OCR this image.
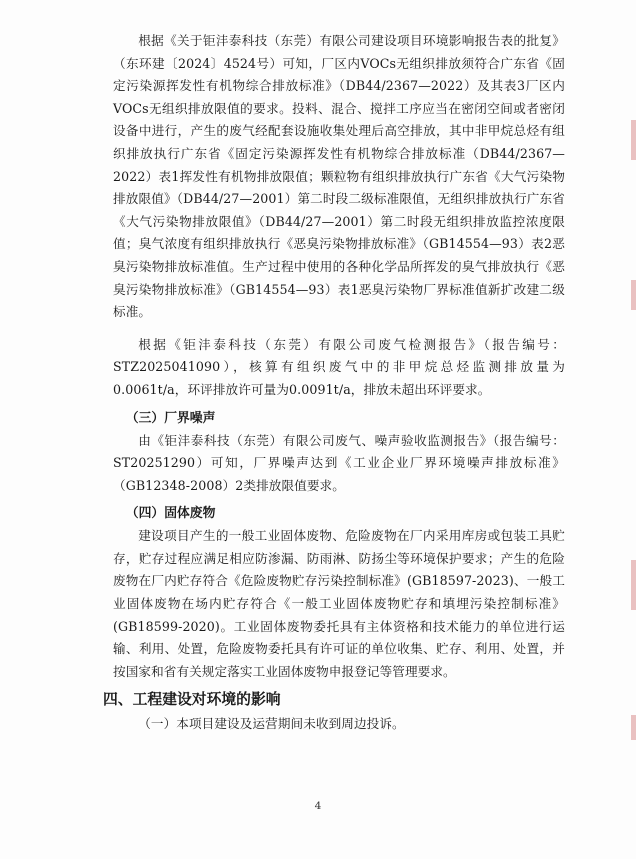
根据《关于钜沣泰科技（东莞）有限公司建设项目环境影响报告表的批复》（东环建〔2024〕4524号）可知，厂区内VOCs无组织排放须符合广东省《固定污染源挥发性有机物综合排放标准》（DB44/2367—2022）及其表3厂区内VOCs无组织排放限值的要求。投料、混合、搅拌工序应当在密闭空间或者密闭设备中进行，产生的废气经配套设施收集处理后高空排放，其中非甲烷总烃有组织排放执行广东省《固定污染源挥发性有机物综合排放标准（DB44/2367—2022）表1挥发性有机物排放限值；颗粒物有组织排放执行广东省《大气污染物排放限值》（DB44/27—2001）第二时段二级标准限值，无组织排放执行广东省《大气污染物排放限值》（DB44/27—2001）第二时段无组织排放监控浓度限值；臭气浓度有组织排放执行《恶臭污染物排放标准》（GB14554—93）表2恶臭污染物排放标准值。生产过程中使用的各种化学品所挥发的臭气排放执行《恶臭污染物排放标准》（GB14554—93）表1恶臭污染物厂界标准值新扩改建二级标准。

根据《钜沣泰科技（东莞）有限公司废气检测报告》（报告编号：STZ2025041090），核算有组织废气中的非甲烷总烃监测排放量为0.0061t/a，环评排放许可量为0.0091t/a，排放未超出环评要求。

（三）厂界噪声

由《钜沣泰科技（东莞）有限公司废气、噪声验收监测报告》（报告编号：ST20251290）可知，厂界噪声达到《工业企业厂界环境噪声排放标准》（GB12348-2008）2类排放限值要求。

（四）固体废物

建设项目产生的一般工业固体废物、危险废物在厂内采用库房或包装工具贮存，贮存过程应满足相应防渗漏、防雨淋、防扬尘等环境保护要求；产生的危险废物在厂内贮存符合《危险废物贮存污染控制标准》(GB18597-2023)、一般工业固体废物在场内贮存符合《一般工业固体废物贮存和填埋污染控制标准》(GB18599-2020)。工业固体废物委托具有主体资格和技术能力的单位进行运输、利用、处置，危险废物委托具有许可证的单位收集、贮存、利用、处置，并按国家和省有关规定落实工业固体废物申报登记等管理要求。

四、工程建设对环境的影响

（一）本项目建设及运营期间未收到周边投诉。

4
